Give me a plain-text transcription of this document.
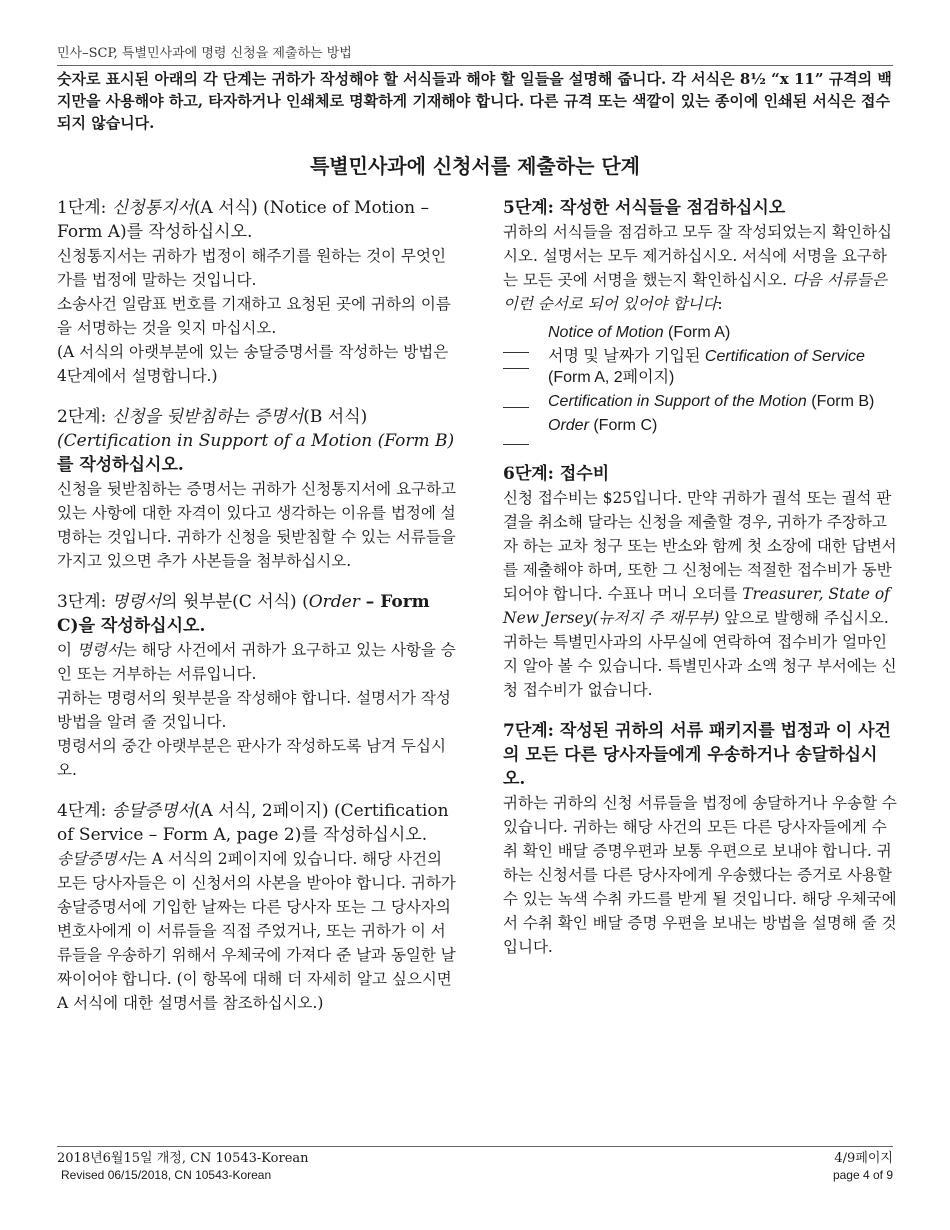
민사–SCP, 특별민사과에 명령 신청을 제출하는 방법
숫자로 표시된 아래의 각 단계는 귀하가 작성해야 할 서식들과 해야 할 일들을 설명해 줍니다. 각 서식은 8½ “x 11” 규격의 백지만을 사용해야 하고, 타자하거나 인쇄체로 명확하게 기재해야 합니다. 다른 규격 또는 색깔이 있는 종이에 인쇄된 서식은 접수되지 않습니다.
특별민사과에 신청서를 제출하는 단계
1단계: 신청통지서(A 서식) (Notice of Motion – Form A)를 작성하십시오.
신청통지서는 귀하가 법정이 해주기를 원하는 것이 무엇인가를 법정에 말하는 것입니다.
소송사건 일람표 번호를 기재하고 요청된 곳에 귀하의 이름을 서명하는 것을 잊지 마십시오.
(A 서식의 아랫부분에 있는 송달증명서를 작성하는 방법은 4단계에서 설명합니다.)
2단계: 신청을 뒷받침하는 증명서(B 서식) (Certification in Support of a Motion (Form B)를 작성하십시오.
신청을 뒷받침하는 증명서는 귀하가 신청통지서에 요구하고 있는 사항에 대한 자격이 있다고 생각하는 이유를 법정에 설명하는 것입니다. 귀하가 신청을 뒷받침할 수 있는 서류들을 가지고 있으면 추가 사본들을 첨부하십시오.
3단계: 명령서의 윗부분(C 서식) (Order – Form C)을 작성하십시오.
이 명령서는 해당 사건에서 귀하가 요구하고 있는 사항을 승인 또는 거부하는 서류입니다.
귀하는 명령서의 윗부분을 작성해야 합니다. 설명서가 작성 방법을 알려 줄 것입니다.
명령서의 중간 아랫부분은 판사가 작성하도록 남겨 두십시오.
4단계: 송달증명서(A 서식, 2페이지) (Certification of Service – Form A, page 2)를 작성하십시오.
송달증명서는 A 서식의 2페이지에 있습니다. 해당 사건의 모든 당사자들은 이 신청서의 사본을 받아야 합니다. 귀하가 송달증명서에 기입한 날짜는 다른 당사자 또는 그 당사자의 변호사에게 이 서류들을 직접 주었거나, 또는 귀하가 이 서류들을 우송하기 위해서 우체국에 가져다 준 날과 동일한 날짜이어야 합니다. (이 항목에 대해 더 자세히 알고 싶으시면 A 서식에 대한 설명서를 참조하십시오.)
5단계: 작성한 서식들을 점검하십시오
귀하의 서식들을 점검하고 모두 잘 작성되었는지 확인하십시오. 설명서는 모두 제거하십시오. 서식에 서명을 요구하는 모든 곳에 서명을 했는지 확인하십시오. 다음 서류들은 이런 순서로 되어 있어야 합니다:
Notice of Motion (Form A)
서명 및 날짜가 기입된 Certification of Service (Form A, 2페이지)
Certification in Support of the Motion (Form B)
Order (Form C)
6단계: 접수비
신청 접수비는 $25입니다. 만약 귀하가 궐석 또는 궐석 판결을 취소해 달라는 신청을 제출할 경우, 귀하가 주장하고자 하는 교차 청구 또는 반소와 함께 첫 소장에 대한 답변서를 제출해야 하며, 또한 그 신청에는 적절한 접수비가 동반되어야 합니다. 수표나 머니 오더를 Treasurer, State of New Jersey(뉴저지 주 재무부) 앞으로 발행해 주십시오. 귀하는 특별민사과의 사무실에 연락하여 접수비가 얼마인지 알아 볼 수 있습니다. 특별민사과 소액 청구 부서에는 신청 접수비가 없습니다.
7단계: 작성된 귀하의 서류 패키지를 법정과 이 사건의 모든 다른 당사자들에게 우송하거나 송달하십시오.
귀하는 귀하의 신청 서류들을 법정에 송달하거나 우송할 수 있습니다. 귀하는 해당 사건의 모든 다른 당사자들에게 수취 확인 배달 증명우편과 보통 우편으로 보내야 합니다. 귀하는 신청서를 다른 당사자에게 우송했다는 증거로 사용할 수 있는 녹색 수취 카드를 받게 될 것입니다. 해당 우체국에서 수취 확인 배달 증명 우편을 보내는 방법을 설명해 줄 것입니다.
2018년6월15일 개정, CN 10543-Korean
Revised 06/15/2018, CN 10543-Korean
4/9페이지
page 4 of 9
